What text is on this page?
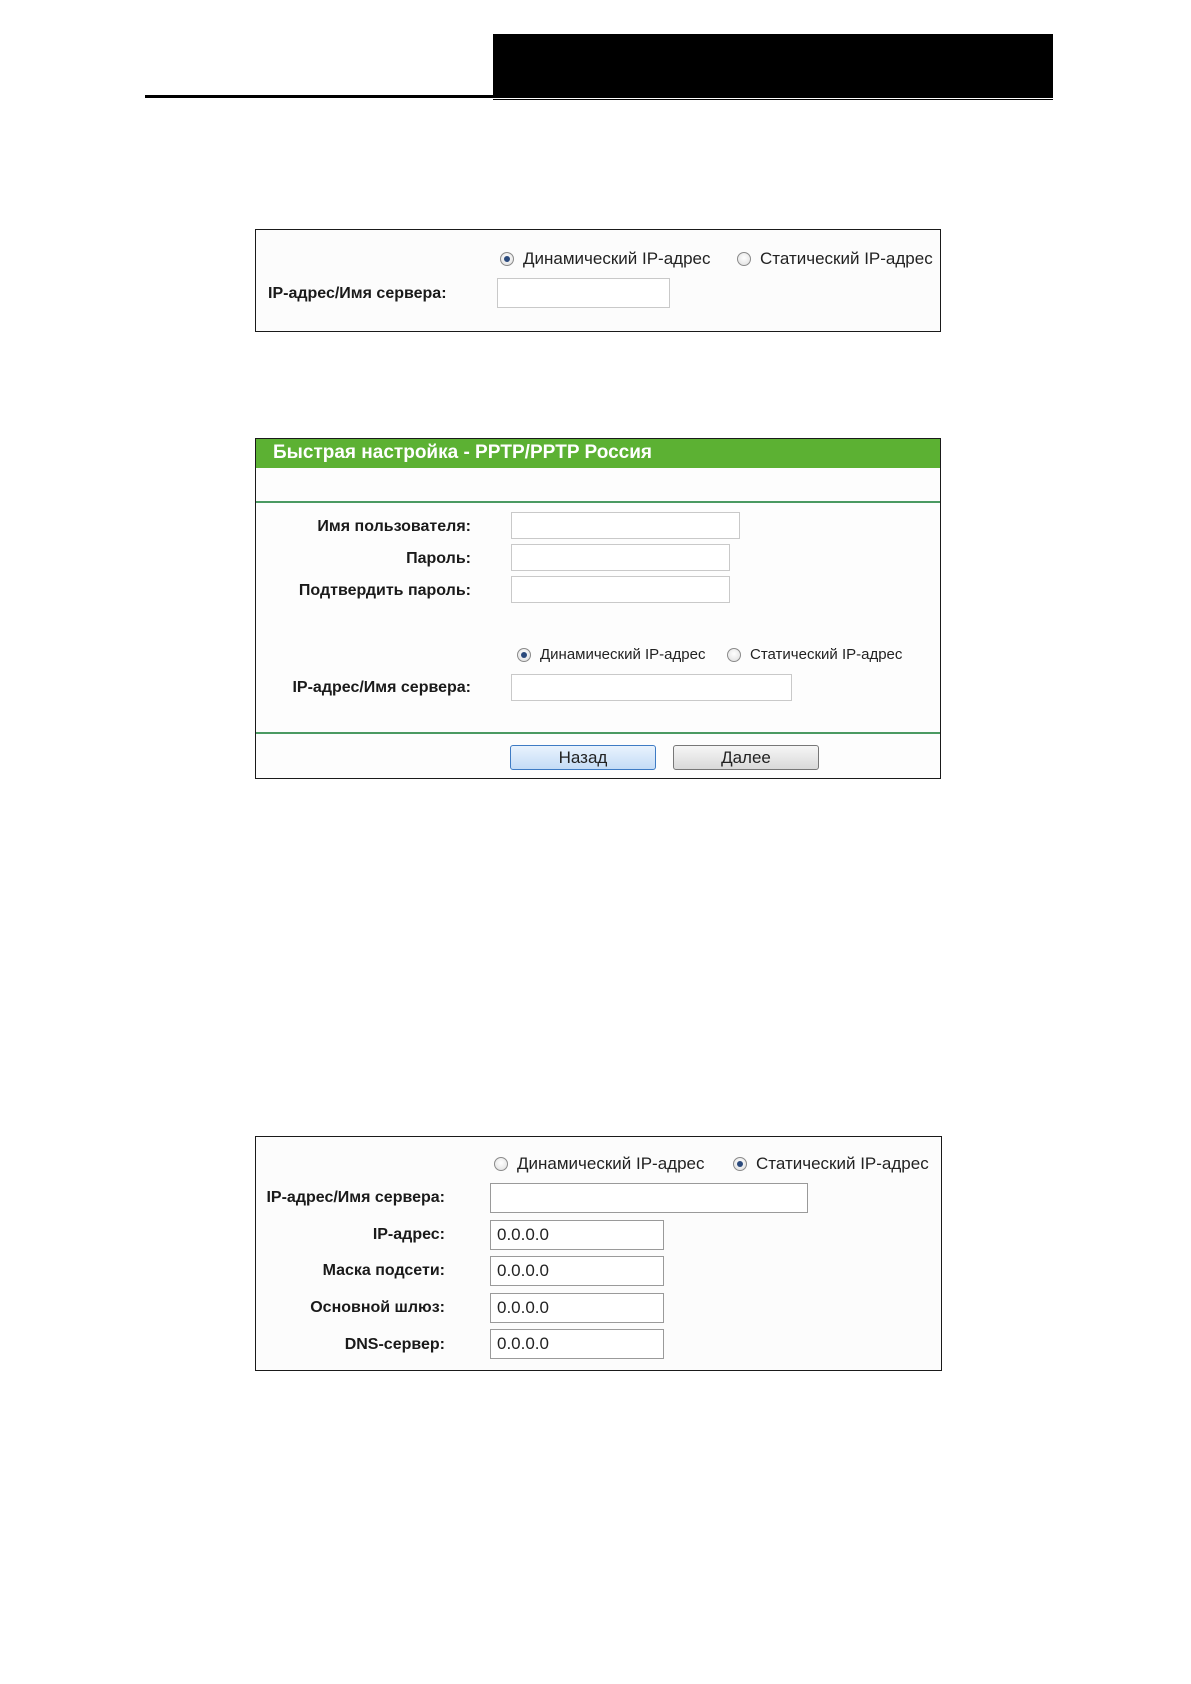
Динамический IP-адрес	Статический IP-адрес
IP-адрес/Имя сервера:
Быстрая настройка - PPTP/PPTP Россия
Имя пользователя:
Пароль:
Подтвердить пароль:
Динамический IP-адрес	Статический IP-адрес
IP-адрес/Имя сервера:
Назад	Далее
Динамический IP-адрес	Статический IP-адрес
IP-адрес/Имя сервера:
IP-адрес:	0.0.0.0
Маска подсети:	0.0.0.0
Основной шлюз:	0.0.0.0
DNS-сервер:	0.0.0.0
